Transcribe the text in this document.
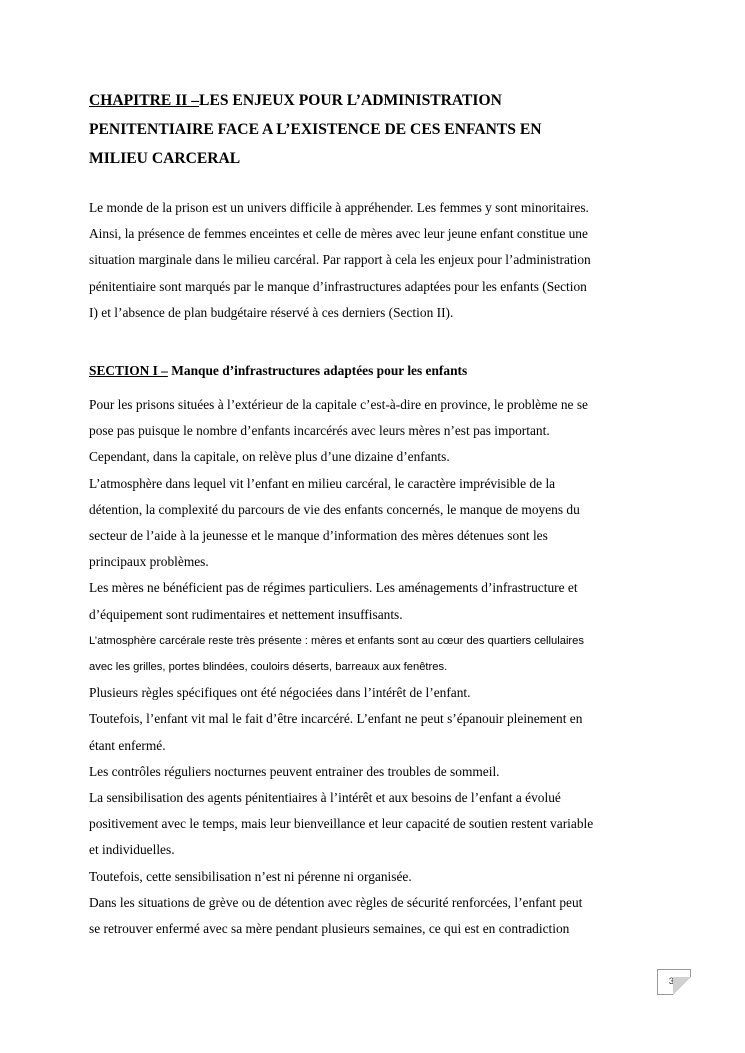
CHAPITRE II –LES ENJEUX POUR L’ADMINISTRATION
PENITENTIAIRE FACE A L’EXISTENCE DE CES ENFANTS EN
MILIEU CARCERAL

Le monde de la prison est un univers difficile à appréhender. Les femmes y sont minoritaires.

Ainsi, la présence de femmes enceintes et celle de mères avec leur jeune enfant constitue une

situation marginale dans le milieu carcéral. Par rapport à cela les enjeux pour l’administration

pénitentiaire sont marqués par le manque d’infrastructures adaptées pour les enfants (Section

I) et l’absence de plan budgétaire réservé à ces derniers (Section II).

SECTION I – Manque d’infrastructures adaptées pour les enfants

Pour les prisons situées à l’extérieur de la capitale c’est-à-dire en province, le problème ne se

pose pas puisque le nombre d’enfants incarcérés avec leurs mères n’est pas important.

Cependant, dans la capitale, on relève plus d’une dizaine d’enfants.

L’atmosphère dans lequel vit l’enfant en milieu carcéral, le caractère imprévisible de la

détention, la complexité du parcours de vie des enfants concernés, le manque de moyens du

secteur de l’aide à la jeunesse et le manque d’information des mères détenues sont les

principaux problèmes.

Les mères ne bénéficient pas de régimes particuliers. Les aménagements d’infrastructure et

d’équipement sont rudimentaires et nettement insuffisants.

L’atmosphère carcérale reste très présente : mères et enfants sont au cœur des quartiers cellulaires

avec les grilles, portes blindées, couloirs déserts, barreaux aux fenêtres.

Plusieurs règles spécifiques ont été négociées dans l’intérêt de l’enfant.

Toutefois, l’enfant vit mal le fait d’être incarcéré. L’enfant ne peut s’épanouir pleinement en

étant enfermé.

Les contrôles réguliers nocturnes peuvent entrainer des troubles de sommeil.

La sensibilisation des agents pénitentiaires à l’intérêt et aux besoins de l’enfant a évolué

positivement avec le temps, mais leur bienveillance et leur capacité de soutien restent variable

et individuelles.

Toutefois, cette sensibilisation n’est ni pérenne ni organisée.

Dans les situations de grève ou de détention avec règles de sécurité renforcées, l’enfant peut

se retrouver enfermé avec sa mère pendant plusieurs semaines, ce qui est en contradiction

38
